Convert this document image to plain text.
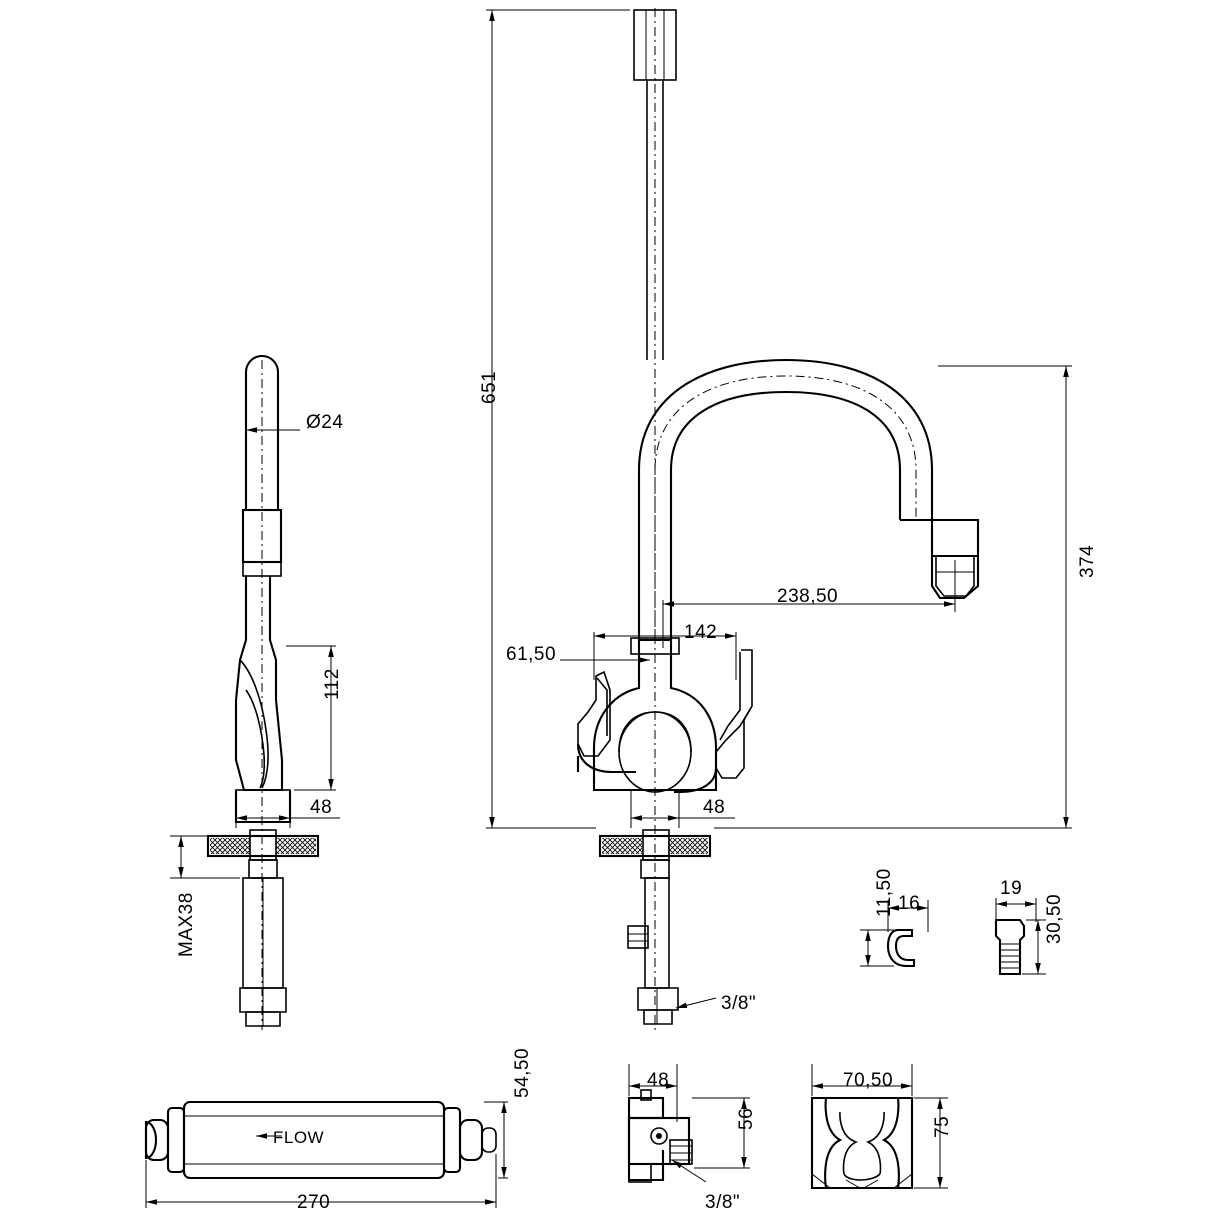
Ø24
112
48
MAX38
651
374
238,50
142
61,50
48
3/8"
16
11,50	19
30,50
FLOW
54,50
270
48
56
3/8"
70,50
75
